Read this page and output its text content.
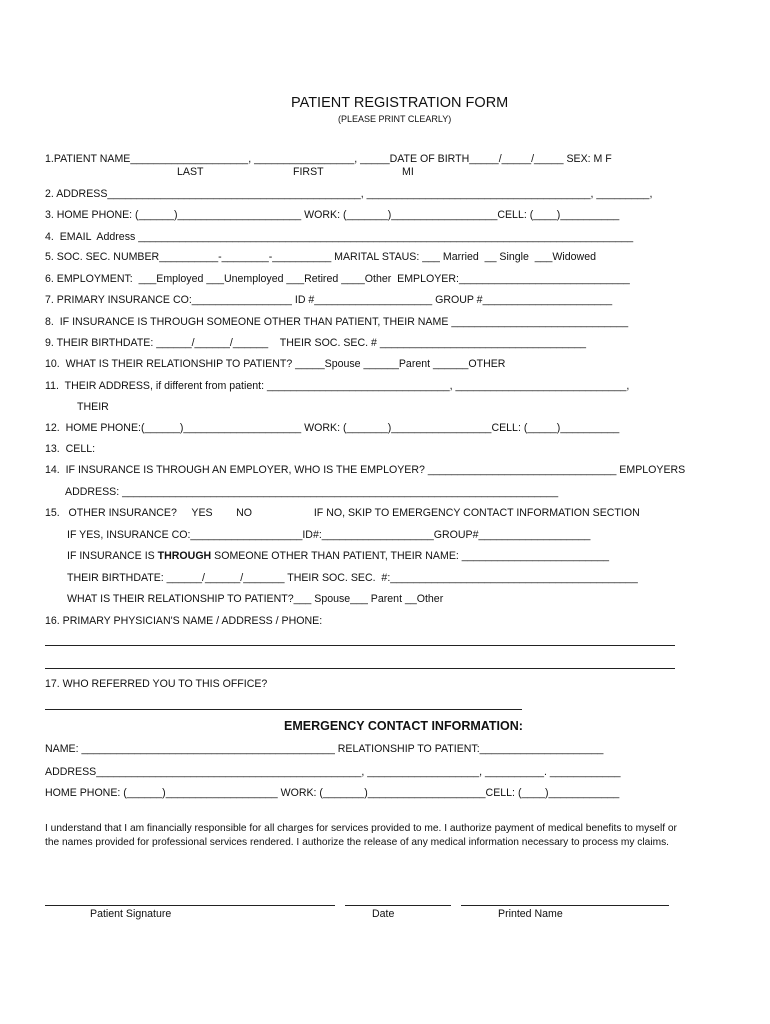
PATIENT REGISTRATION FORM
(PLEASE PRINT CLEARLY)
1.PATIENT NAME____________________, _________________, _____DATE OF BIRTH_____/_____/_____ SEX: M F
LAST	FIRST	MI
2. ADDRESS___________________________________________, ______________________________________, _________,
3. HOME PHONE: (______)_____________________ WORK: (_______)__________________CELL: (____)__________
4.  EMAIL  Address ____________________________________________________________________________________
5. SOC. SEC. NUMBER__________-________-__________ MARITAL STAUS: ___ Married  __ Single  ___Widowed
6. EMPLOYMENT:  ___Employed ___Unemployed ___Retired ____Other  EMPLOYER:_____________________________
7. PRIMARY INSURANCE CO:_________________ ID #____________________ GROUP #______________________
8.  IF INSURANCE IS THROUGH SOMEONE OTHER THAN PATIENT, THEIR NAME ______________________________
9. THEIR BIRTHDATE: ______/______/______    THEIR SOC. SEC. # ___________________________________
10.  WHAT IS THEIR RELATIONSHIP TO PATIENT? _____Spouse ______Parent ______OTHER
11.  THEIR ADDRESS, if different from patient: _______________________________, _____________________________,
THEIR
12.  HOME PHONE:(______)____________________ WORK: (_______)_________________CELL: (_____)__________
13.  CELL:
14.  IF INSURANCE IS THROUGH AN EMPLOYER, WHO IS THE EMPLOYER? ________________________________ EMPLOYERS
ADDRESS: __________________________________________________________________________
15.   OTHER INSURANCE?     YES        NO                     IF NO, SKIP TO EMERGENCY CONTACT INFORMATION SECTION
IF YES, INSURANCE CO:___________________ID#:___________________GROUP#___________________
IF INSURANCE IS THROUGH SOMEONE OTHER THAN PATIENT, THEIR NAME: _________________________
THEIR BIRTHDATE: ______/______/_______ THEIR SOC. SEC.  #:__________________________________________
WHAT IS THEIR RELATIONSHIP TO PATIENT?___ Spouse___ Parent __Other
16. PRIMARY PHYSICIAN'S NAME / ADDRESS / PHONE:
17. WHO REFERRED YOU TO THIS OFFICE?
EMERGENCY CONTACT INFORMATION:
NAME: ___________________________________________ RELATIONSHIP TO PATIENT:_____________________
ADDRESS_____________________________________________, ___________________, __________. ____________
HOME PHONE: (______)___________________ WORK: (_______)____________________CELL: (____)____________
I understand that I am financially responsible for all charges for services provided to me. I authorize payment of medical benefits to myself or
the names provided for professional services rendered. I authorize the release of any medical information necessary to process my claims.
Patient Signature	Date	Printed Name
